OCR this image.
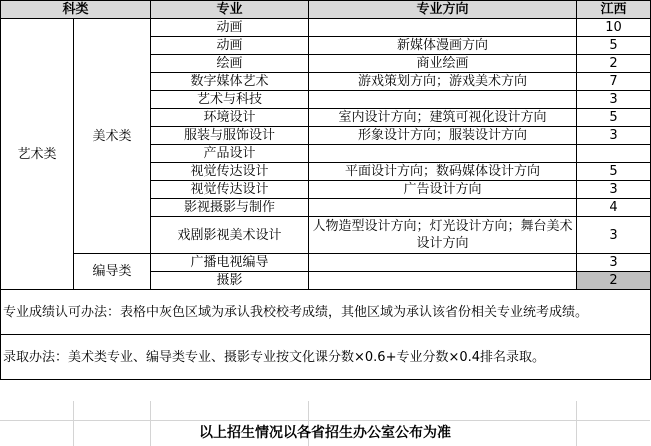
科类		专业	专业方向	江西
艺术类	美术类	动画		10
		动画	新媒体漫画方向	5
		绘画	商业绘画	2
		数字媒体艺术	游戏策划方向；游戏美术方向	7
		艺术与科技		3
		环境设计	室内设计方向；建筑可视化设计方向	5
		服装与服饰设计	形象设计方向；服装设计方向	3
		产品设计		
		视觉传达设计	平面设计方向；数码媒体设计方向	5
		视觉传达设计	广告设计方向	3
		影视摄影与制作		4
		戏剧影视美术设计	人物造型设计方向；灯光设计方向；舞台美术设计方向	3
	编导类	广播电视编导		3
		摄影		2
专业成绩认可办法：表格中灰色区域为承认我校校考成绩，其他区域为承认该省份相关专业统考成绩。				
录取办法：美术类专业、编导类专业、摄影专业按文化课分数×0.6+专业分数×0.4排名录取。				
以上招生情况以各省招生办公室公布为准
